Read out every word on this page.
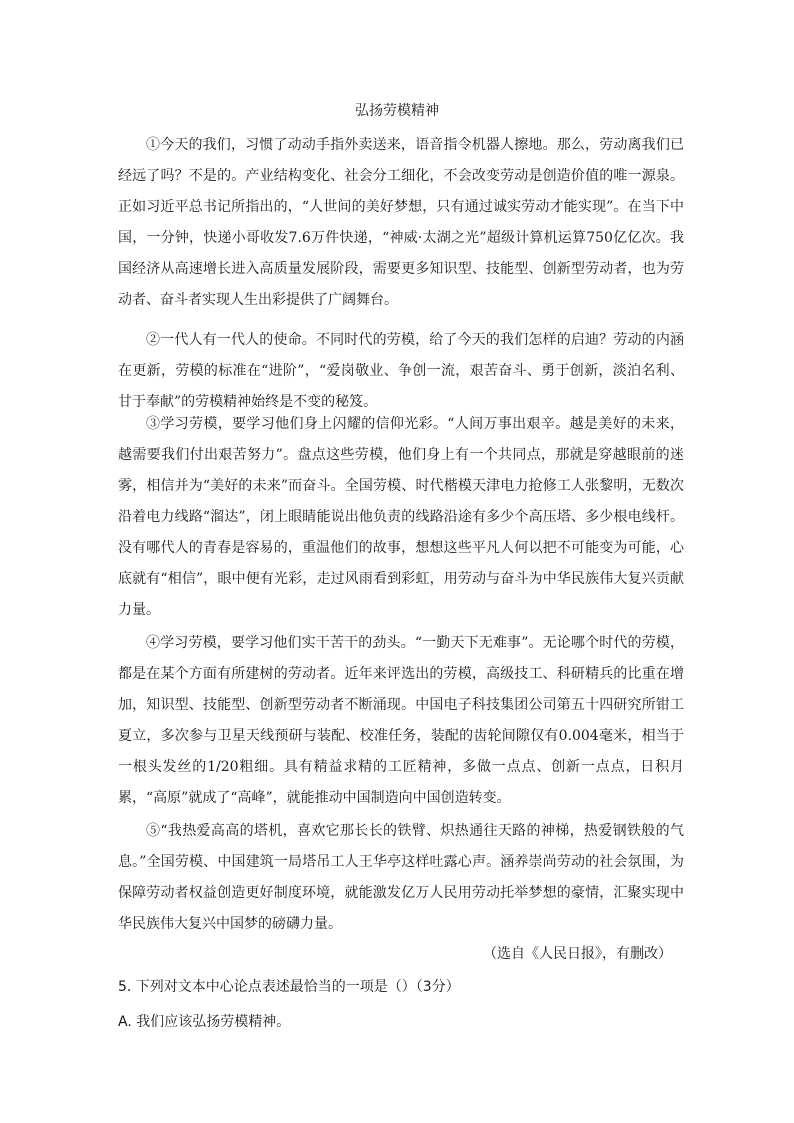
弘扬劳模精神

①今天的我们，习惯了动动手指外卖送来，语音指令机器人擦地。那么，劳动离我们已经远了吗？不是的。产业结构变化、社会分工细化，不会改变劳动是创造价值的唯一源泉。正如习近平总书记所指出的，“人世间的美好梦想，只有通过诚实劳动才能实现”。在当下中国，一分钟，快递小哥收发7.6万件快递，“神威·太湖之光”超级计算机运算750亿亿次。我国经济从高速增长进入高质量发展阶段，需要更多知识型、技能型、创新型劳动者，也为劳动者、奋斗者实现人生出彩提供了广阔舞台。

②一代人有一代人的使命。不同时代的劳模，给了今天的我们怎样的启迪？劳动的内涵在更新，劳模的标准在“进阶”，“爱岗敬业、争创一流，艰苦奋斗、勇于创新，淡泊名利、甘于奉献”的劳模精神始终是不变的秘笈。

③学习劳模，要学习他们身上闪耀的信仰光彩。“人间万事出艰辛。越是美好的未来，越需要我们付出艰苦努力”。盘点这些劳模，他们身上有一个共同点，那就是穿越眼前的迷雾，相信并为“美好的未来”而奋斗。全国劳模、时代楷模天津电力抢修工人张黎明，无数次沿着电力线路“溜达”，闭上眼睛能说出他负责的线路沿途有多少个高压塔、多少根电线杆。没有哪代人的青春是容易的，重温他们的故事，想想这些平凡人何以把不可能变为可能，心底就有“相信”，眼中便有光彩，走过风雨看到彩虹，用劳动与奋斗为中华民族伟大复兴贡献力量。

④学习劳模，要学习他们实干苦干的劲头。“一勤天下无难事”。无论哪个时代的劳模，都是在某个方面有所建树的劳动者。近年来评选出的劳模，高级技工、科研精兵的比重在增加，知识型、技能型、创新型劳动者不断涌现。中国电子科技集团公司第五十四研究所钳工夏立，多次参与卫星天线预研与装配、校准任务，装配的齿轮间隙仅有0.004毫米，相当于一根头发丝的1/20粗细。具有精益求精的工匠精神，多做一点点、创新一点点，日积月累，“高原”就成了“高峰”，就能推动中国制造向中国创造转变。

⑤“我热爱高高的塔机，喜欢它那长长的铁臂、炽热通往天路的神梯，热爱钢铁般的气息。”全国劳模、中国建筑一局塔吊工人王华亭这样吐露心声。涵养崇尚劳动的社会氛围，为保障劳动者权益创造更好制度环境，就能激发亿万人民用劳动托举梦想的豪情，汇聚实现中华民族伟大复兴中国梦的磅礴力量。

（选自《人民日报》，有删改）
5. 下列对文本中心论点表述最恰当的一项是（）（3分）
A. 我们应该弘扬劳模精神。
